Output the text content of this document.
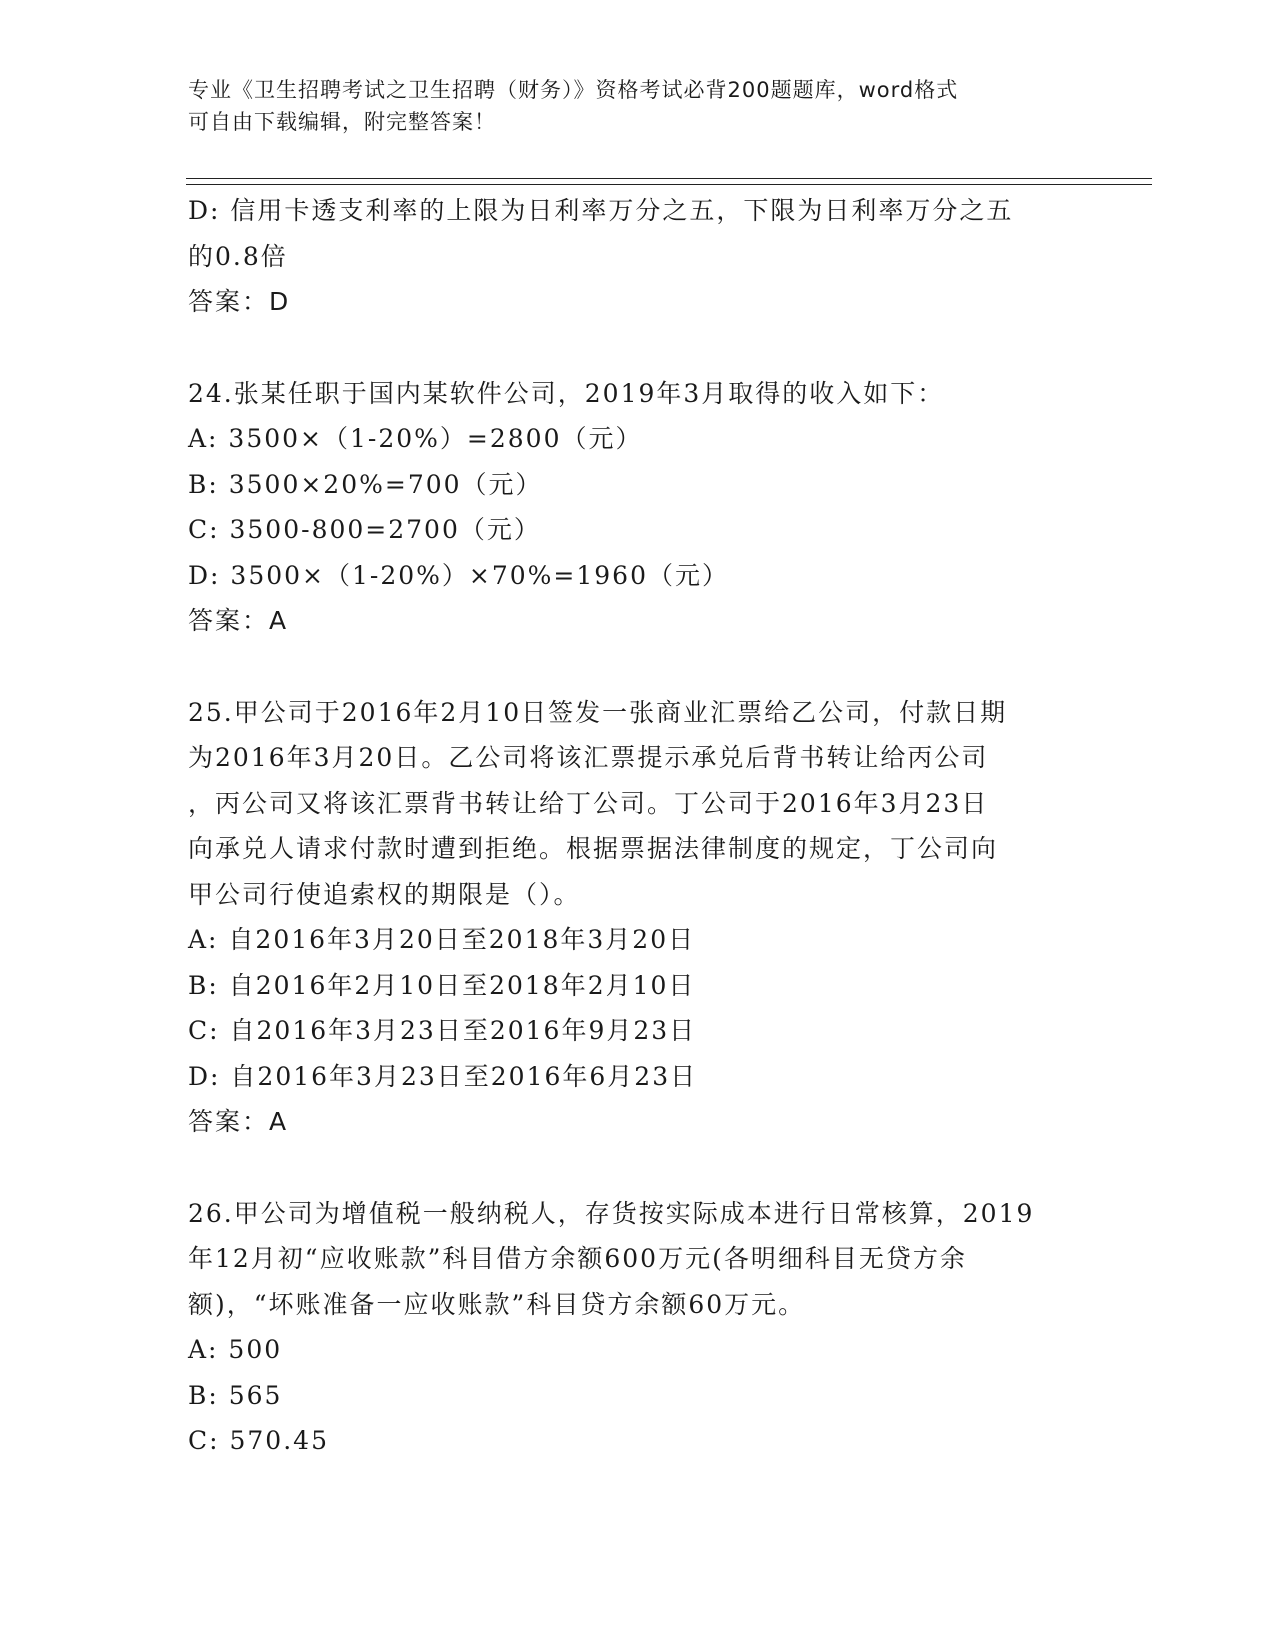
专业《卫生招聘考试之卫生招聘（财务）》资格考试必背200题题库，word格式
可自由下载编辑，附完整答案！
D: 信用卡透支利率的上限为日利率万分之五，下限为日利率万分之五
的0.8倍
答案：D
24.张某任职于国内某软件公司，2019年3月取得的收入如下：
A: 3500×（1-20%）=2800（元）
B: 3500×20%=700（元）
C: 3500-800=2700（元）
D: 3500×（1-20%）×70%=1960（元）
答案：A
25.甲公司于2016年2月10日签发一张商业汇票给乙公司，付款日期
为2016年3月20日。乙公司将该汇票提示承兑后背书转让给丙公司
，丙公司又将该汇票背书转让给丁公司。丁公司于2016年3月23日
向承兑人请求付款时遭到拒绝。根据票据法律制度的规定，丁公司向
甲公司行使追索权的期限是（）。
A: 自2016年3月20日至2018年3月20日
B: 自2016年2月10日至2018年2月10日
C: 自2016年3月23日至2016年9月23日
D: 自2016年3月23日至2016年6月23日
答案：A
26.甲公司为增值税一般纳税人，存货按实际成本进行日常核算，2019
年12月初“应收账款”科目借方余额600万元(各明细科目无贷方余
额)，“坏账准备一应收账款”科目贷方余额60万元。
A: 500
B: 565
C: 570.45
